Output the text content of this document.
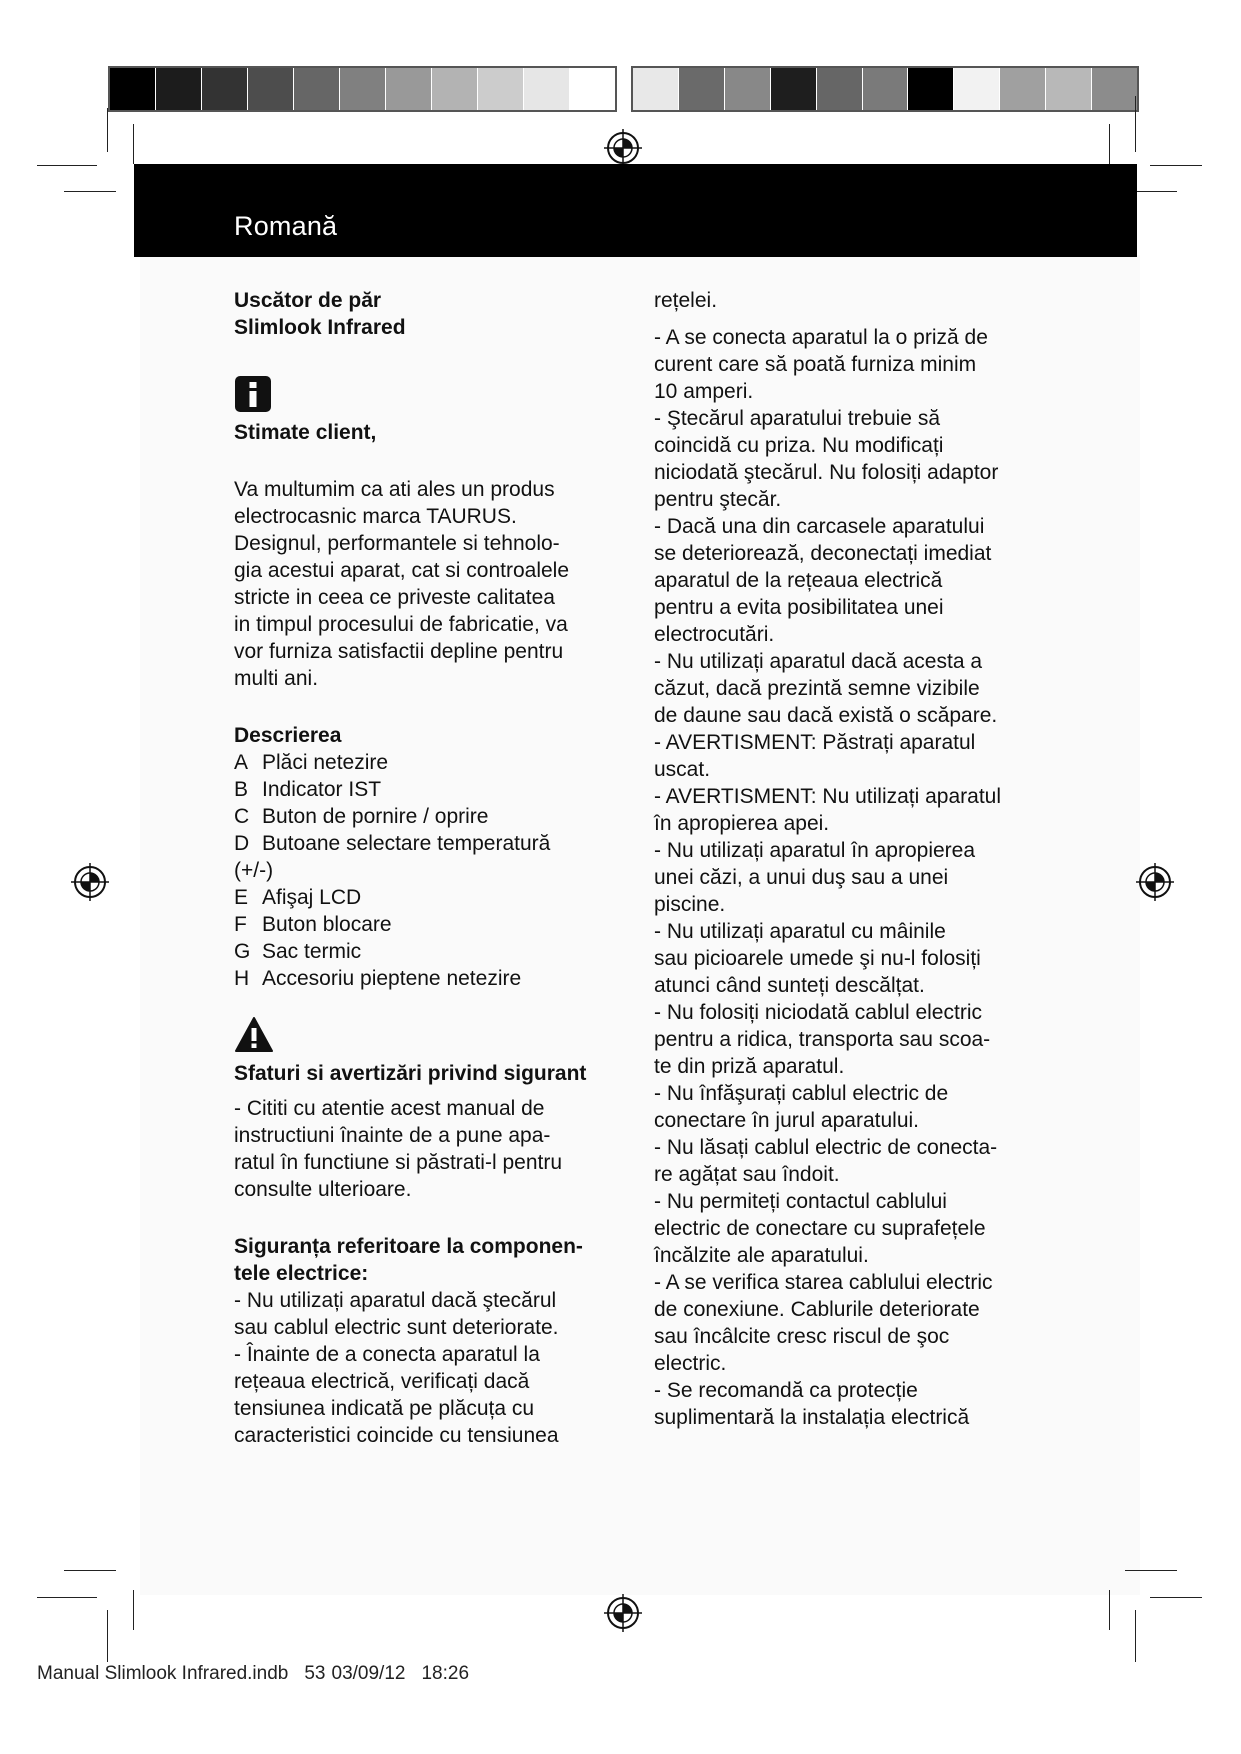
Romană

Uscător de păr

Slimlook Infrared

Stimate client,

Va multumim ca ati ales un produs

electrocasnic marca TAURUS.

Designul, performantele si tehnolo-

gia acestui aparat, cat si controalele

stricte in ceea ce priveste calitatea

in timpul procesului de fabricatie, va

vor furniza satisfactii depline pentru

multi ani.

Descrierea

A Plăci netezire
B Indicator IST
C Buton de pornire / oprire
D Butoane selectare temperatură
(+/-)
E Afişaj LCD
F Buton blocare
G Sac termic
H Accesoriu pieptene netezire

Sfaturi si avertizări privind sigurant

- Cititi cu atentie acest manual de

instructiuni înainte de a pune apa-

ratul în functiune si păstrati-l pentru

consulte ulterioare.

Siguranța referitoare la componen-

tele electrice:

- Nu utilizați aparatul dacă ştecărul

sau cablul electric sunt deteriorate.

- Înainte de a conecta aparatul la

rețeaua electrică, verificați dacă

tensiunea indicată pe plăcuța cu

caracteristici coincide cu tensiunea

rețelei.

- A se conecta aparatul la o priză de

curent care să poată furniza minim

10 amperi.

- Ştecărul aparatului trebuie să

coincidă cu priza. Nu modificați

niciodată ştecărul. Nu folosiți adaptor

pentru ştecăr.

- Dacă una din carcasele aparatului

se deteriorează, deconectați imediat

aparatul de la rețeaua electrică

pentru a evita posibilitatea unei

electrocutări.

- Nu utilizați aparatul dacă acesta a

căzut, dacă prezintă semne vizibile

de daune sau dacă există o scăpare.

- AVERTISMENT: Păstrați aparatul

uscat.

- AVERTISMENT: Nu utilizați aparatul

în apropierea apei.

- Nu utilizați aparatul în apropierea

unei căzi, a unui duş sau a unei

piscine.

- Nu utilizați aparatul cu mâinile

sau picioarele umede şi nu-l folosiți

atunci când sunteți descălțat.

- Nu folosiți niciodată cablul electric

pentru a ridica, transporta sau scoa-

te din priză aparatul.

- Nu înfăşurați cablul electric de

conectare în jurul aparatului.

- Nu lăsați cablul electric de conecta-

re agățat sau îndoit.

- Nu permiteți contactul cablului

electric de conectare cu suprafețele

încălzite ale aparatului.

- A se verifica starea cablului electric

de conexiune. Cablurile deteriorate

sau încâlcite cresc riscul de şoc

electric.

- Se recomandă ca protecție

suplimentară la instalația electrică

Manual Slimlook Infrared.indb 53 03/09/12 18:26
